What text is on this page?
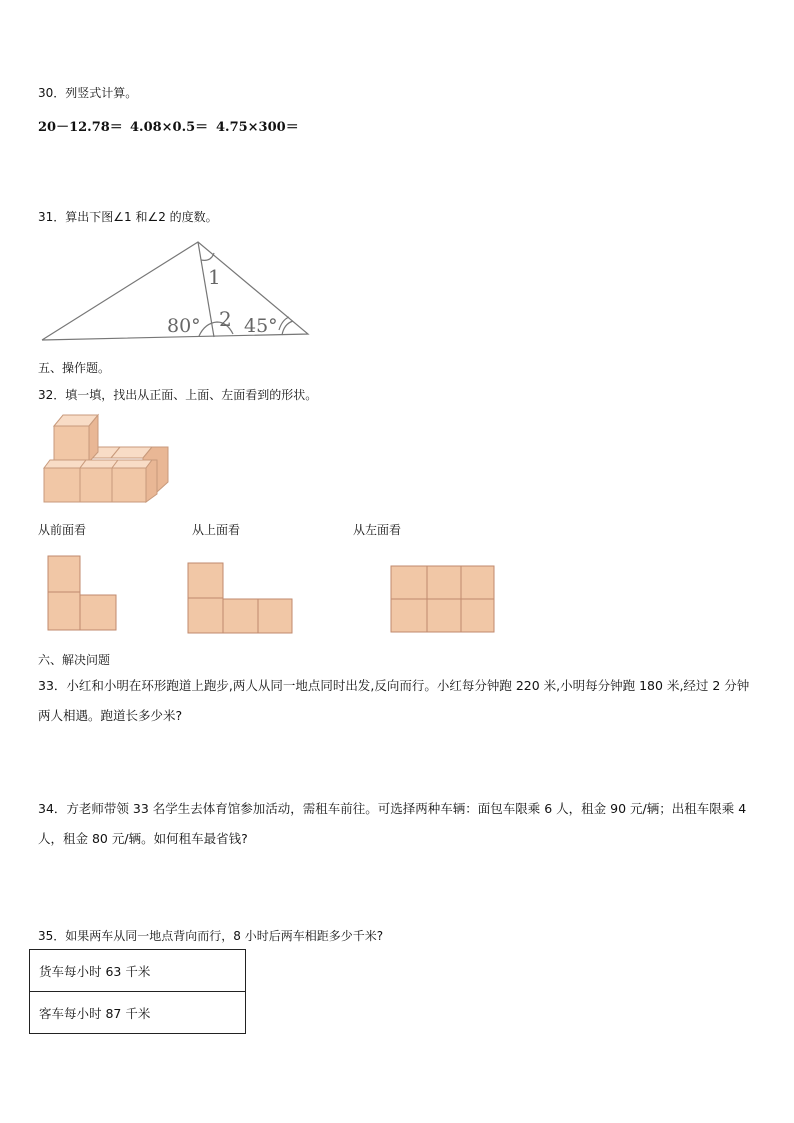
30．列竖式计算。
20－12.78＝ 4.08×0.5＝ 4.75×300＝
31．算出下图∠1 和∠2 的度数。
1
2
80° 45°
五、操作题。
32．填一填，找出从正面、上面、左面看到的形状。
从前面看	从上面看	从左面看
六、解决问题
33．小红和小明在环形跑道上跑步,两人从同一地点同时出发,反向而行。小红每分钟跑 220 米,小明每分钟跑 180 米,经过 2 分钟两人相遇。跑道长多少米?
34．方老师带领 33 名学生去体育馆参加活动，需租车前往。可选择两种车辆：面包车限乘 6 人，租金 90 元/辆；出租车限乘 4 人，租金 80 元/辆。如何租车最省钱?
35．如果两车从同一地点背向而行，8 小时后两车相距多少千米?
货车每小时 63 千米
客车每小时 87 千米
